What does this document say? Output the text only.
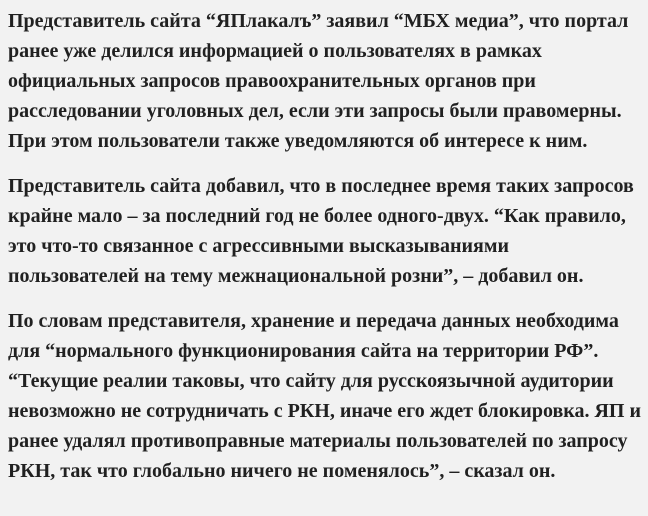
Представитель сайта “ЯПлакалъ” заявил “МБХ медиа”, что портал ранее уже делился информацией о пользователях в рамках официальных запросов правоохранительных органов при расследовании уголовных дел, если эти запросы были правомерны. При этом пользователи также уведомляются об интересе к ним.

Представитель сайта добавил, что в последнее время таких запросов крайне мало – за последний год не более одного-двух. “Как правило, это что-то связанное с агрессивными высказываниями пользователей на тему межнациональной розни”, – добавил он.

По словам представителя, хранение и передача данных необходима для “нормального функционирования сайта на территории РФ”. “Текущие реалии таковы, что сайту для русскоязычной аудитории невозможно не сотрудничать с РКН, иначе его ждет блокировка. ЯП и ранее удалял противоправные материалы пользователей по запросу РКН, так что глобально ничего не поменялось”, – сказал он.
